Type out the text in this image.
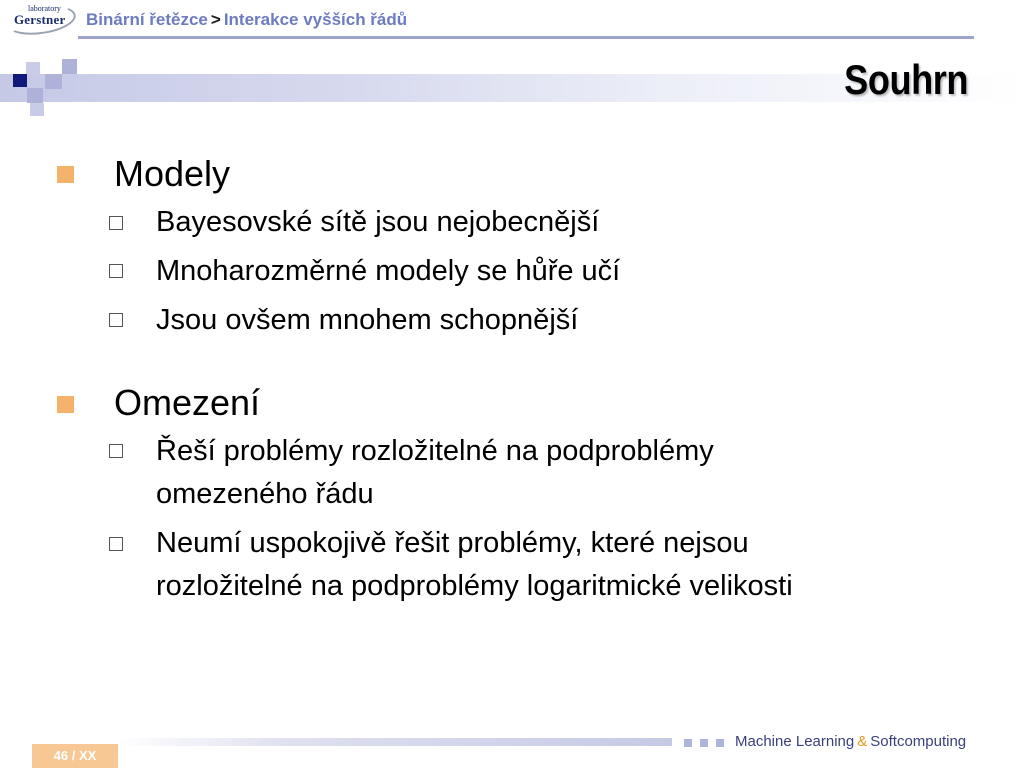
laboratory
Gerstner Binární řetězce > Interakce vyšších řádů
Souhrn
Modely
Bayesovské sítě jsou nejobecnější
Mnoharozměrné modely se hůře učí
Jsou ovšem mnohem schopnější
Omezení
Řeší problémy rozložitelné na podproblémy
omezeného řádu
Neumí uspokojivě řešit problémy, které nejsou
rozložitelné na podproblémy logaritmické velikosti
Machine Learning & Softcomputing
46 / XX
